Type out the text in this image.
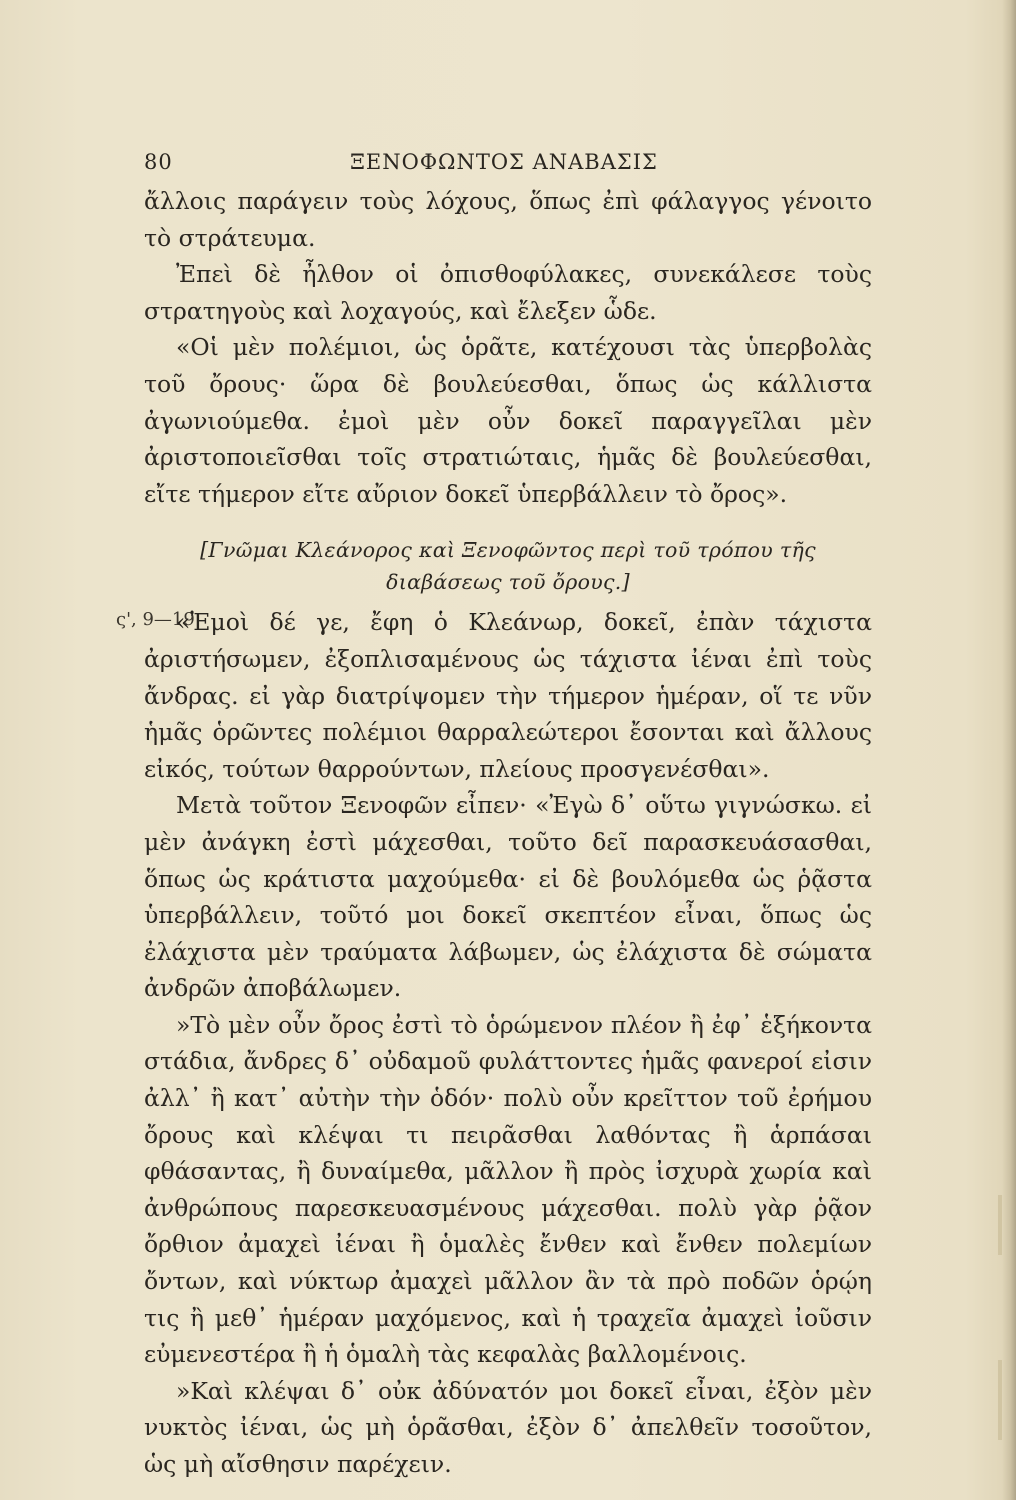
80	ΞΕΝΟΦΩΝΤΟΣ ΑΝΑΒΑΣΙΣ
ς', 9—19

ἄλλοις παράγειν τοὺς λόχους, ὅπως ἐπὶ φάλαγγος γένοιτο τὸ στράτευμα.

Ἐπεὶ δὲ ἦλθον οἱ ὀπισθοφύλακες, συνεκάλεσε τοὺς στρατηγοὺς καὶ λοχαγούς, καὶ ἔλεξεν ὧδε.

«Οἱ μὲν πολέμιοι, ὡς ὁρᾶτε, κατέχουσι τὰς ὑπερβολὰς τοῦ ὄρους· ὥρα δὲ βουλεύεσθαι, ὅπως ὡς κάλλιστα ἀγωνιούμεθα. ἐμοὶ μὲν οὖν δοκεῖ παραγγεῖλαι μὲν ἀριστοποιεῖσθαι τοῖς στρατιώταις, ἡμᾶς δὲ βουλεύεσθαι, εἴτε τήμερον εἴτε αὔριον δοκεῖ ὑπερβάλλειν τὸ ὄρος».

[Γνῶμαι Κλεάνορος καὶ Ξενοφῶντος περὶ τοῦ τρόπου τῆς διαβάσεως τοῦ ὄρους.]

«Ἐμοὶ δέ γε, ἔφη ὁ Κλεάνωρ, δοκεῖ, ἐπὰν τάχιστα ἀριστήσωμεν, ἐξοπλισαμένους ὡς τάχιστα ἰέναι ἐπὶ τοὺς ἄνδρας. εἰ γὰρ διατρίψομεν τὴν τήμερον ἡμέραν, οἵ τε νῦν ἡμᾶς ὁρῶντες πολέμιοι θαρραλεώτεροι ἔσονται καὶ ἄλλους εἰκός, τούτων θαρρούντων, πλείους προσγενέσθαι».

Μετὰ τοῦτον Ξενοφῶν εἶπεν· «Ἐγὼ δ᾽ οὕτω γιγνώσκω. εἰ μὲν ἀνάγκη ἐστὶ μάχεσθαι, τοῦτο δεῖ παρασκευάσασθαι, ὅπως ὡς κράτιστα μαχούμεθα· εἰ δὲ βουλόμεθα ὡς ῥᾷστα ὑπερβάλλειν, τοῦτό μοι δοκεῖ σκεπτέον εἶναι, ὅπως ὡς ἐλάχιστα μὲν τραύματα λάβωμεν, ὡς ἐλάχιστα δὲ σώματα ἀνδρῶν ἀποβάλωμεν.

»Τὸ μὲν οὖν ὄρος ἐστὶ τὸ ὁρώμενον πλέον ἢ ἐφ᾽ ἑξήκοντα στάδια, ἄνδρες δ᾽ οὐδαμοῦ φυλάττοντες ἡμᾶς φανεροί εἰσιν ἀλλ᾽ ἢ κατ᾽ αὐτὴν τὴν ὁδόν· πολὺ οὖν κρεῖττον τοῦ ἐρήμου ὄρους καὶ κλέψαι τι πειρᾶσθαι λαθόντας ἢ ἁρπάσαι φθάσαντας, ἢ δυναίμεθα, μᾶλλον ἢ πρὸς ἰσχυρὰ χωρία καὶ ἀνθρώπους παρεσκευασμένους μάχεσθαι. πολὺ γὰρ ῥᾷον ὄρθιον ἀμαχεὶ ἰέναι ἢ ὁμαλὲς ἔνθεν καὶ ἔνθεν πολεμίων ὄντων, καὶ νύκτωρ ἀμαχεὶ μᾶλλον ἂν τὰ πρὸ ποδῶν ὁρῴη τις ἢ μεθ᾽ ἡμέραν μαχόμενος, καὶ ἡ τραχεῖα ἀμαχεὶ ἰοῦσιν εὐμενεστέρα ἢ ἡ ὁμαλὴ τὰς κεφαλὰς βαλλομένοις.

»Καὶ κλέψαι δ᾽ οὐκ ἀδύνατόν μοι δοκεῖ εἶναι, ἐξὸν μὲν νυκτὸς ἰέναι, ὡς μὴ ὁρᾶσθαι, ἐξὸν δ᾽ ἀπελθεῖν τοσοῦτον, ὡς μὴ αἴσθησιν παρέχειν.
